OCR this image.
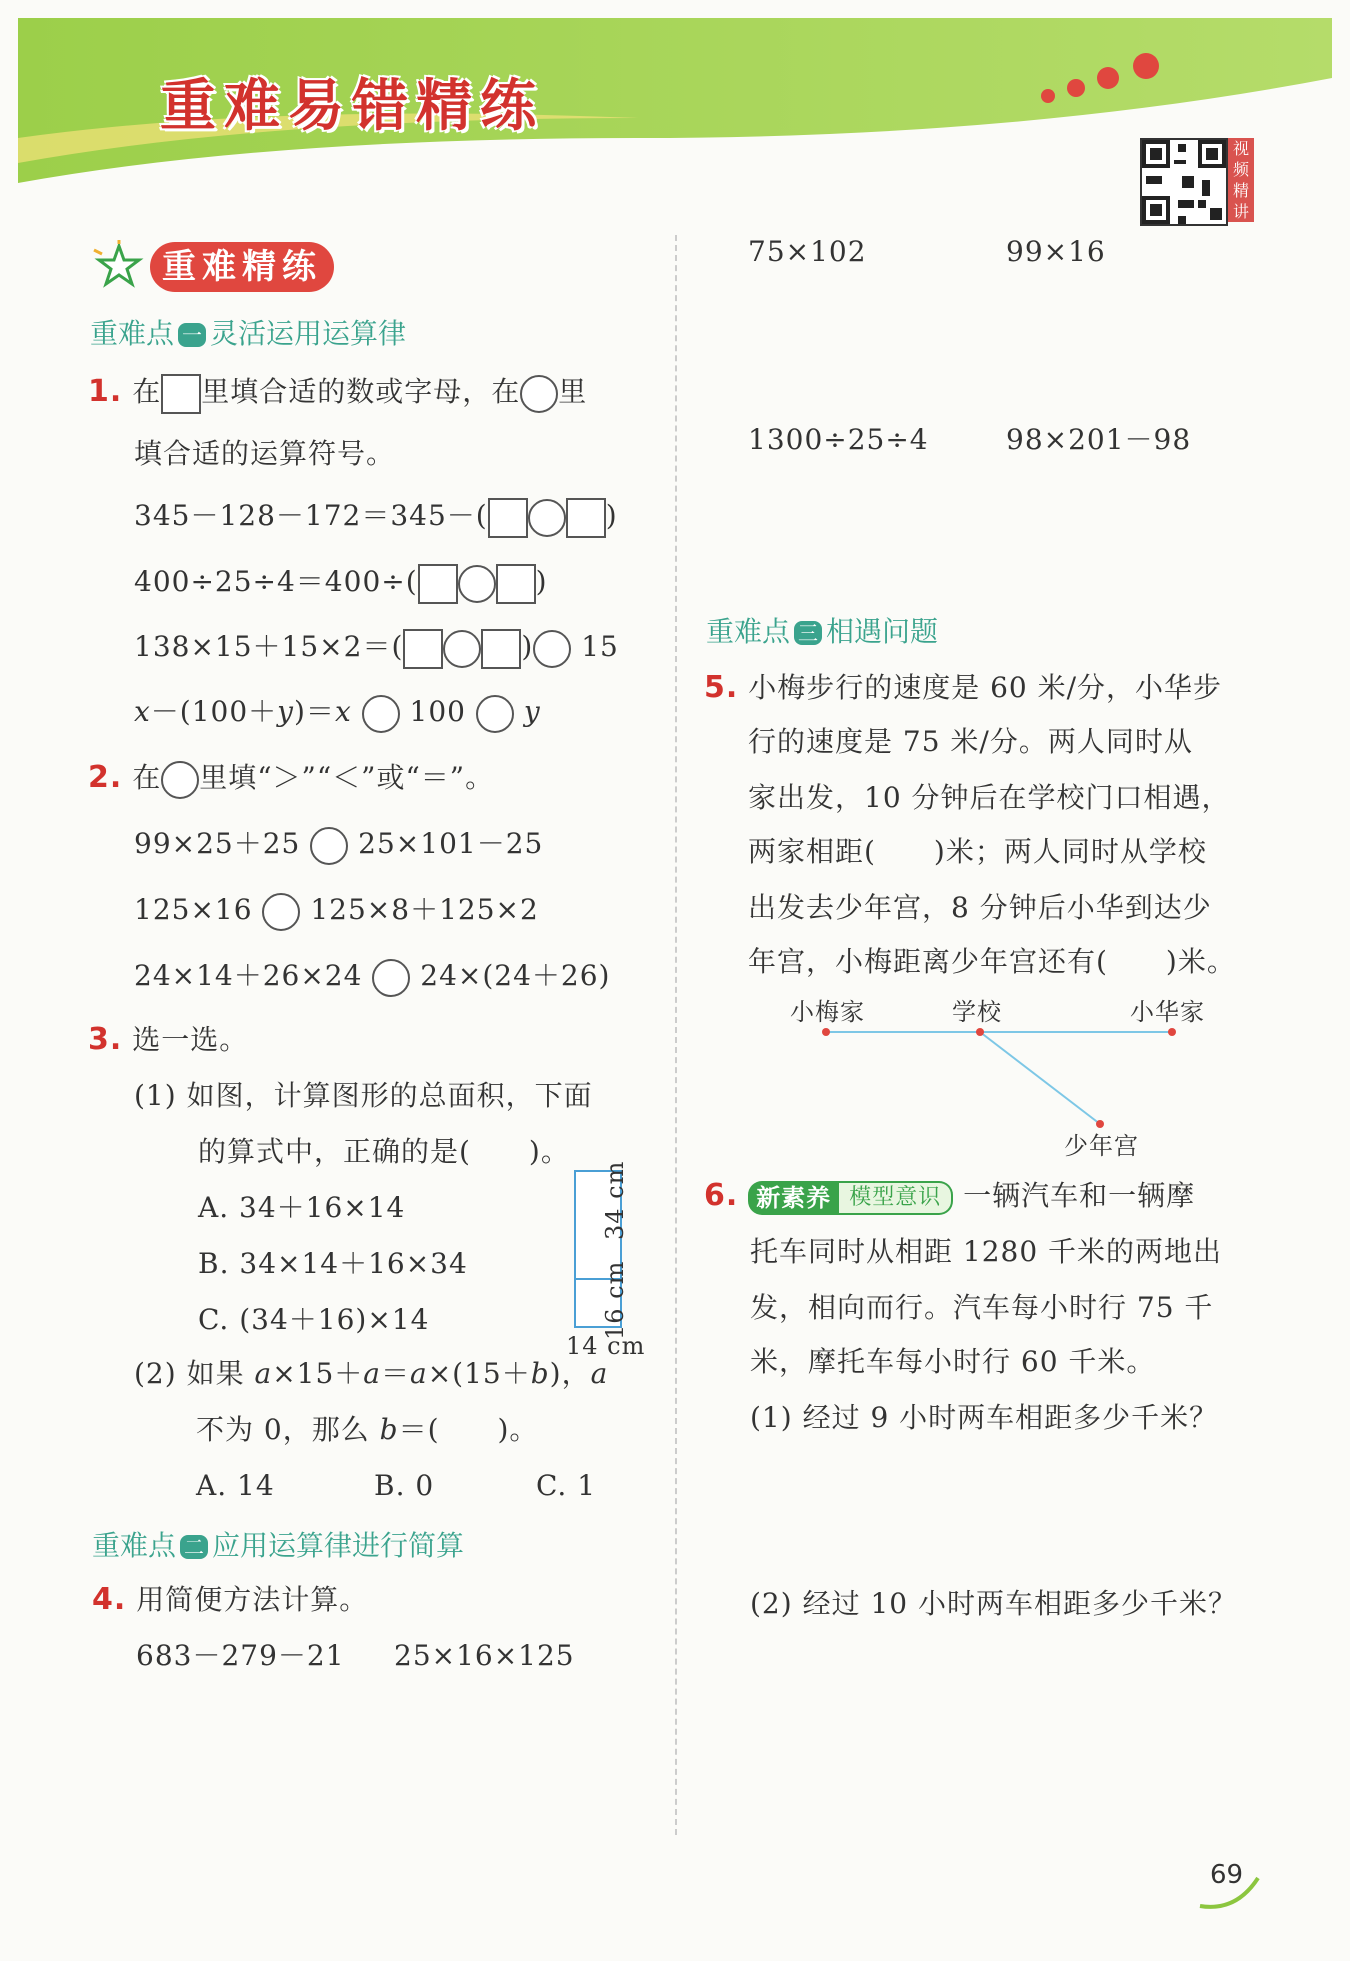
重难易错精练
视频精讲
重难精练
重难点 一 灵活运用运算律
1. 在 里填合适的数或字母，在 里
填合适的运算符号。
345－128－172＝345－(	)
400÷25÷4＝400÷(	)
138×15＋15×2＝(	) 15
x－(100＋y)＝x 100 y
2. 在 里填“＞”“＜”或“＝”。
99×25＋25 25×101－25
125×16 125×8＋125×2
24×14＋26×24 24×(24＋26)
3. 选一选。
(1) 如图，计算图形的总面积，下面
的算式中，正确的是(　　)。
A. 34＋16×14
B. 34×14＋16×34
C. (34＋16)×14
34 cm
16 cm
14 cm
(2) 如果 a×15＋a＝a×(15＋b)，a
不为 0，那么 b＝(　　)。
A. 14	B. 0	C. 1
重难点 二 应用运算律进行简算
4. 用简便方法计算。
683－279－21 25×16×125
75×102	99×16
1300÷25÷4	98×201－98
重难点 三 相遇问题
5. 小梅步行的速度是 60 米/分，小华步
行的速度是 75 米/分。两人同时从
家出发，10 分钟后在学校门口相遇，
两家相距(　　)米；两人同时从学校
出发去少年宫，8 分钟后小华到达少
年宫，小梅距离少年宫还有(　　)米。
小梅家	学校	小华家
少年宫
6. 新素养 模型意识 一辆汽车和一辆摩
托车同时从相距 1280 千米的两地出
发，相向而行。汽车每小时行 75 千
米，摩托车每小时行 60 千米。
(1) 经过 9 小时两车相距多少千米？
(2) 经过 10 小时两车相距多少千米？
69
